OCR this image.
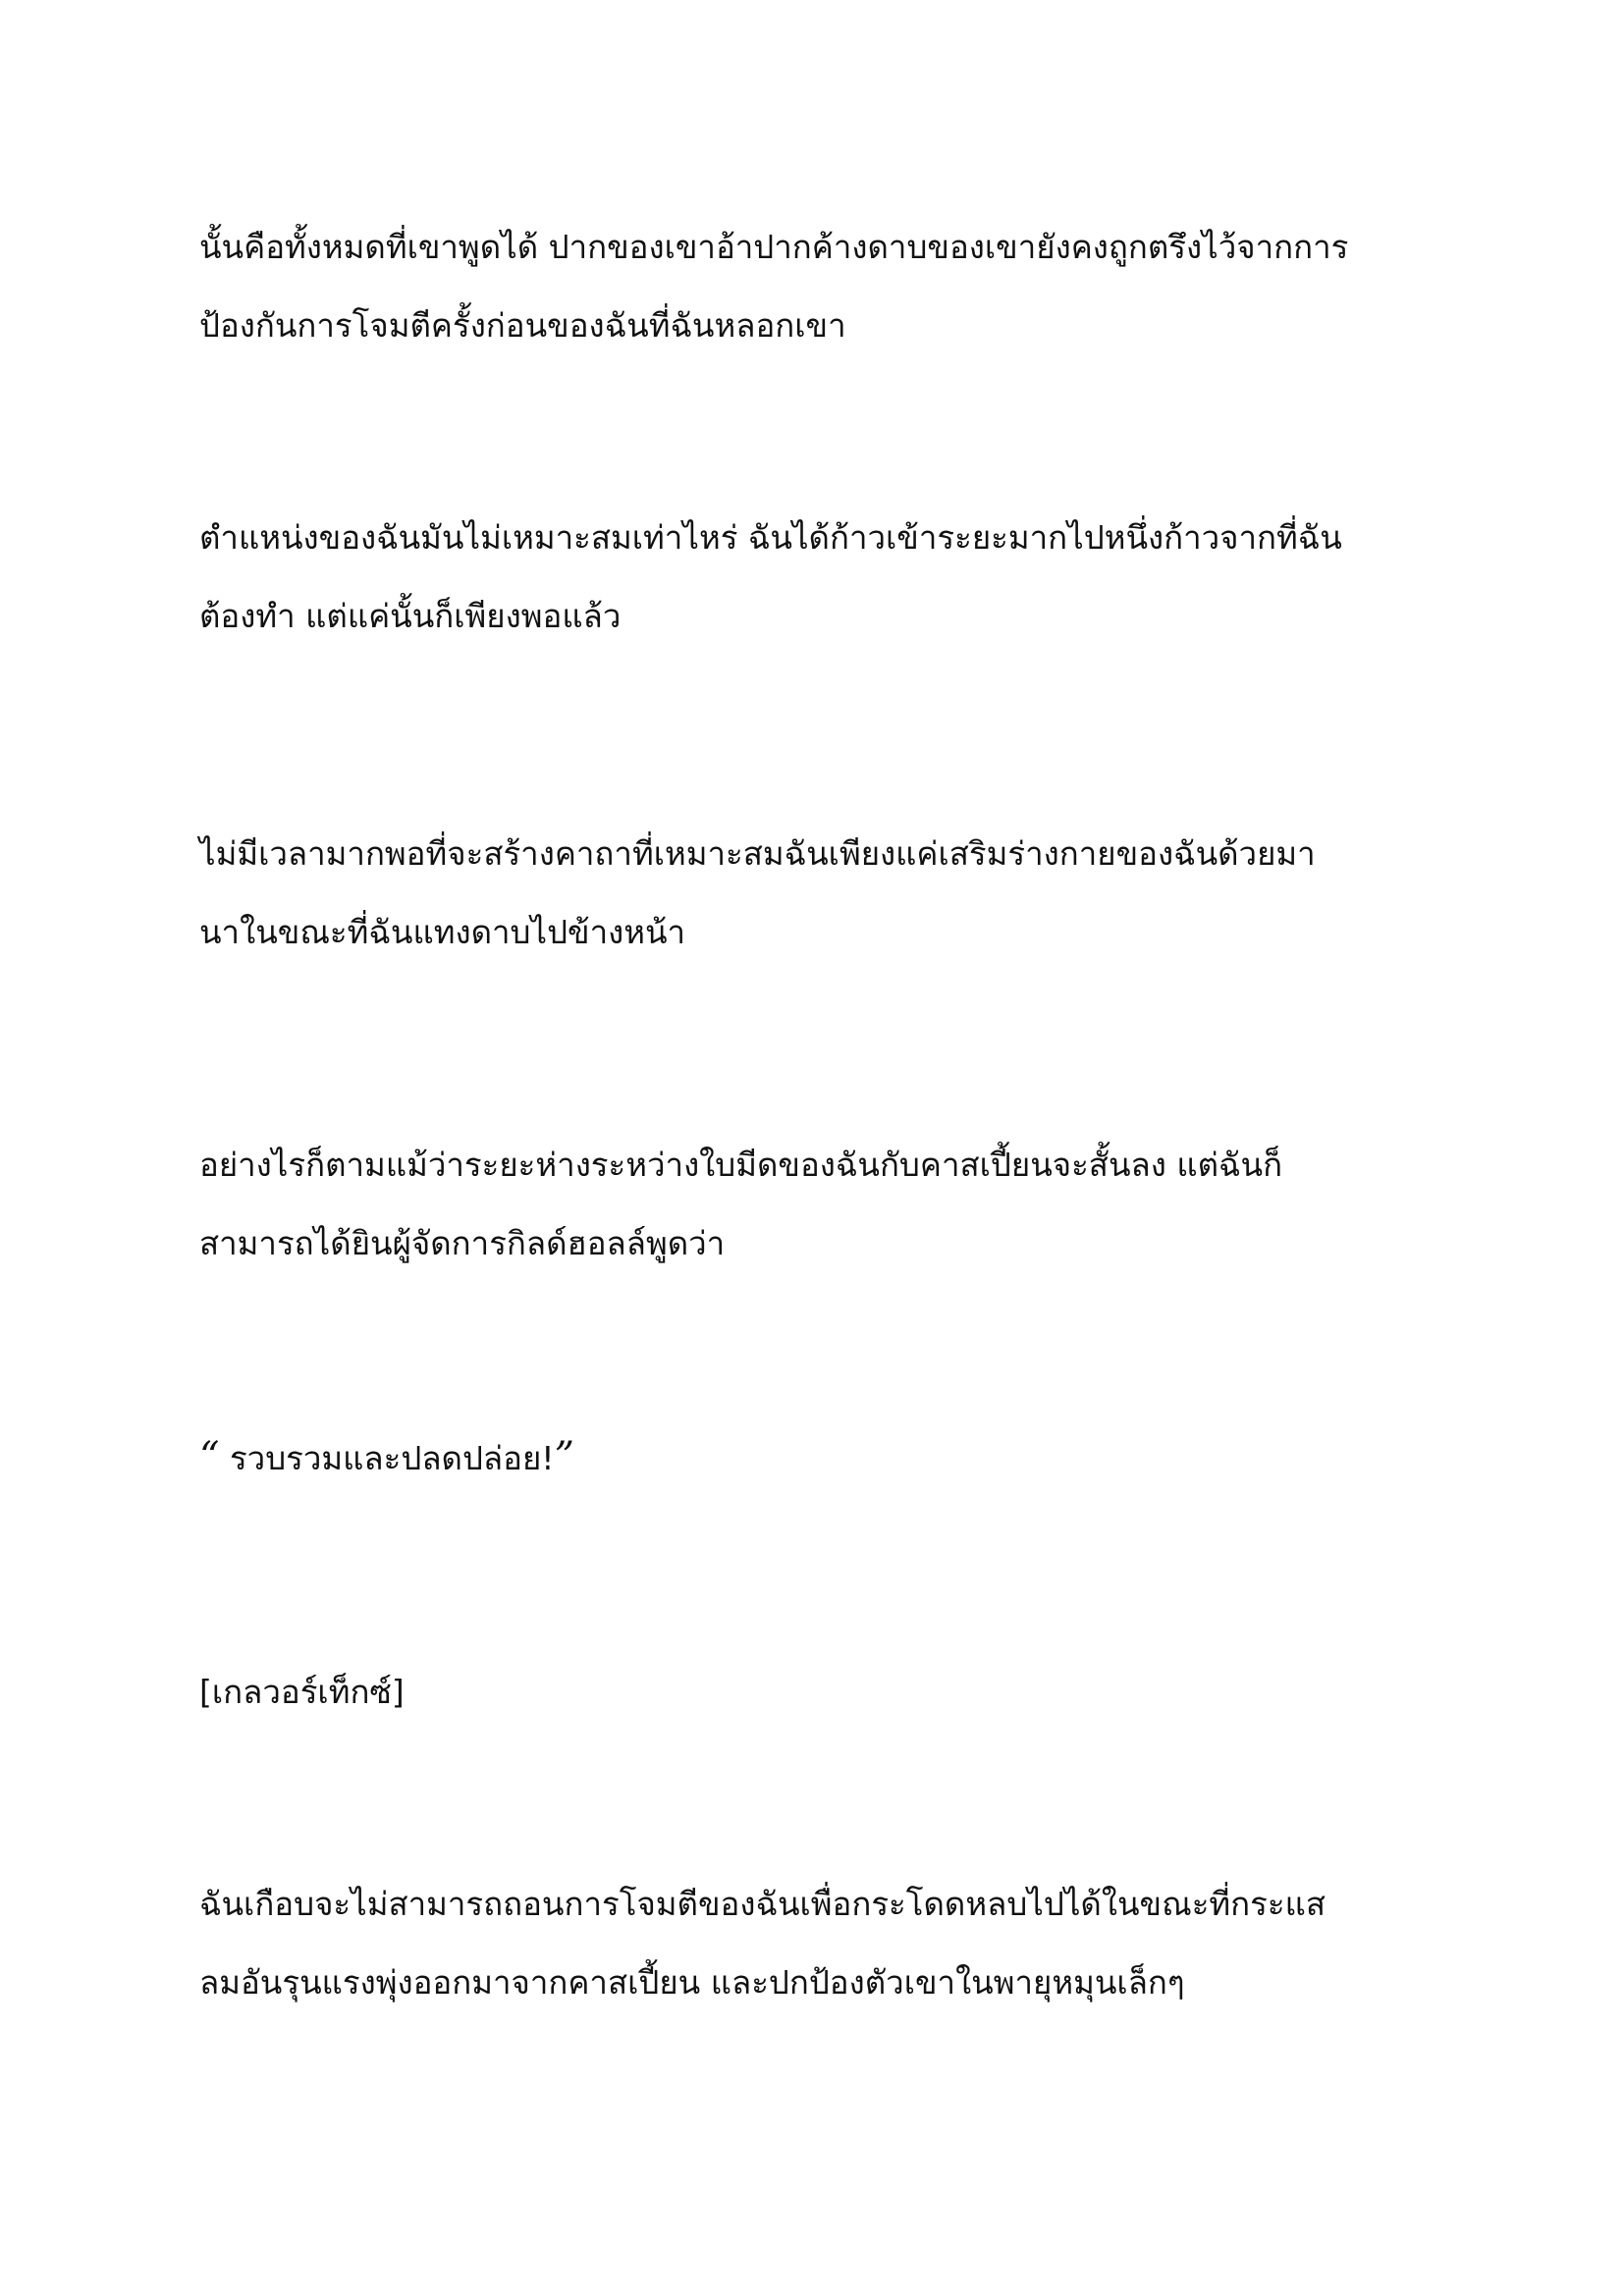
นั้นคือทั้งหมดที่เขาพูดได้ ปากของเขาอ้าปากค้างดาบของเขายังคงถูกตรึงไว้จากการ
ป้องกันการโจมตีครั้งก่อนของฉันที่ฉันหลอกเขา
ตำแหน่งของฉันมันไม่เหมาะสมเท่าไหร่ ฉันได้ก้าวเข้าระยะมากไปหนึ่งก้าวจากที่ฉัน
ต้องทำ แต่แค่นั้นก็เพียงพอแล้ว
ไม่มีเวลามากพอที่จะสร้างคาถาที่เหมาะสมฉันเพียงแค่เสริมร่างกายของฉันด้วยมา
นาในขณะที่ฉันแทงดาบไปข้างหน้า
อย่างไรก็ตามแม้ว่าระยะห่างระหว่างใบมีดของฉันกับคาสเปี้ยนจะสั้นลง แต่ฉันก็
สามารถได้ยินผู้จัดการกิลด์ฮอลล์พูดว่า
“ รวบรวมและปลดปล่อย!”
[เกลวอร์เท็กซ์]
ฉันเกือบจะไม่สามารถถอนการโจมตีของฉันเพื่อกระโดดหลบไปได้ในขณะที่กระแส
ลมอันรุนแรงพุ่งออกมาจากคาสเปี้ยน และปกป้องตัวเขาในพายุหมุนเล็กๆ
